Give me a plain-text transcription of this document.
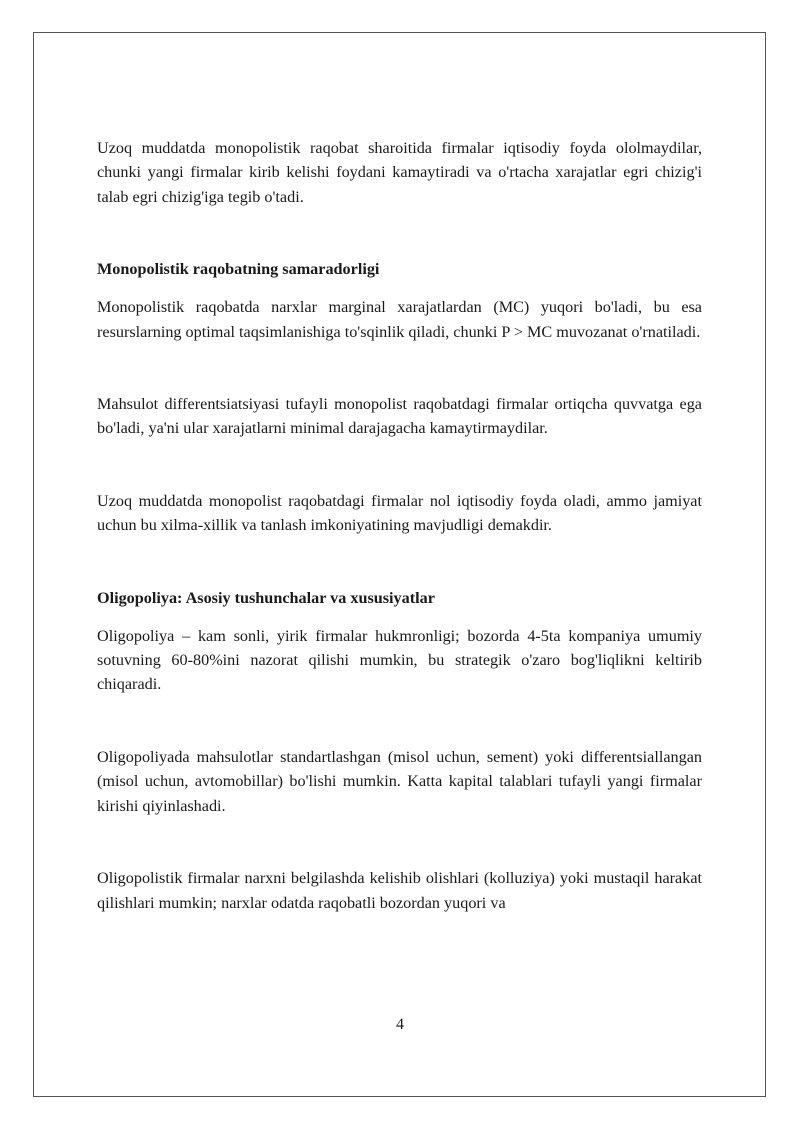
Uzoq muddatda monopolistik raqobat sharoitida firmalar iqtisodiy foyda ololmaydilar, chunki yangi firmalar kirib kelishi foydani kamaytiradi va o'rtacha xarajatlar egri chizig'i talab egri chizig'iga tegib o'tadi.

Monopolistik raqobatning samaradorligi

Monopolistik raqobatda narxlar marginal xarajatlardan (MC) yuqori bo'ladi, bu esa resurslarning optimal taqsimlanishiga to'sqinlik qiladi, chunki P > MC muvozanat o'rnatiladi.

Mahsulot differentsiatsiyasi tufayli monopolist raqobatdagi firmalar ortiqcha quvvatga ega bo'ladi, ya'ni ular xarajatlarni minimal darajagacha kamaytirmaydilar.

Uzoq muddatda monopolist raqobatdagi firmalar nol iqtisodiy foyda oladi, ammo jamiyat uchun bu xilma-xillik va tanlash imkoniyatining mavjudligi demakdir.

Oligopoliya: Asosiy tushunchalar va xususiyatlar

Oligopoliya – kam sonli, yirik firmalar hukmronligi; bozorda 4-5ta kompaniya umumiy sotuvning 60-80%ini nazorat qilishi mumkin, bu strategik o'zaro bog'liqlikni keltirib chiqaradi.

Oligopoliyada mahsulotlar standartlashgan (misol uchun, sement) yoki differentsiallangan (misol uchun, avtomobillar) bo'lishi mumkin. Katta kapital talablari tufayli yangi firmalar kirishi qiyinlashadi.

Oligopolistik firmalar narxni belgilashda kelishib olishlari (kolluziya) yoki mustaqil harakat qilishlari mumkin; narxlar odatda raqobatli bozordan yuqori va

4
